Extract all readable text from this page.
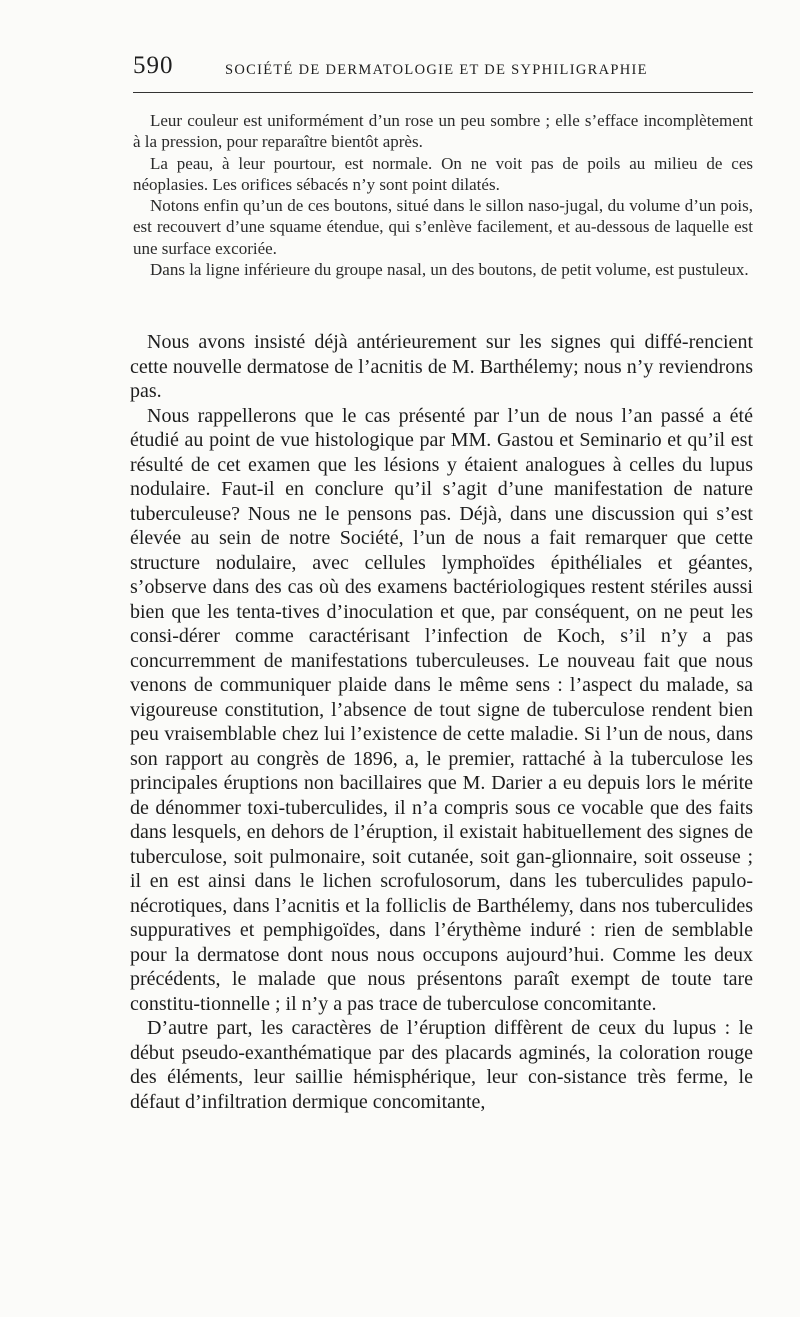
590	SOCIÉTÉ DE DERMATOLOGIE ET DE SYPHILIGRAPHIE

Leur couleur est uniformément d’un rose un peu sombre ; elle s’efface incomplètement à la pression, pour reparaître bientôt après.

La peau, à leur pourtour, est normale. On ne voit pas de poils au milieu de ces néoplasies. Les orifices sébacés n’y sont point dilatés.

Notons enfin qu’un de ces boutons, situé dans le sillon naso-jugal, du volume d’un pois, est recouvert d’une squame étendue, qui s’enlève facilement, et au-dessous de laquelle est une surface excoriée.

Dans la ligne inférieure du groupe nasal, un des boutons, de petit volume, est pustuleux.

Nous avons insisté déjà antérieurement sur les signes qui diffé-rencient cette nouvelle dermatose de l’acnitis de M. Barthélemy; nous n’y reviendrons pas.

Nous rappellerons que le cas présenté par l’un de nous l’an passé a été étudié au point de vue histologique par MM. Gastou et Seminario et qu’il est résulté de cet examen que les lésions y étaient analogues à celles du lupus nodulaire. Faut-il en conclure qu’il s’agit d’une manifestation de nature tuberculeuse? Nous ne le pensons pas. Déjà, dans une discussion qui s’est élevée au sein de notre Société, l’un de nous a fait remarquer que cette structure nodulaire, avec cellules lymphoïdes épithéliales et géantes, s’observe dans des cas où des examens bactériologiques restent stériles aussi bien que les tenta-tives d’inoculation et que, par conséquent, on ne peut les consi-dérer comme caractérisant l’infection de Koch, s’il n’y a pas concurremment de manifestations tuberculeuses. Le nouveau fait que nous venons de communiquer plaide dans le même sens : l’aspect du malade, sa vigoureuse constitution, l’absence de tout signe de tuberculose rendent bien peu vraisemblable chez lui l’existence de cette maladie. Si l’un de nous, dans son rapport au congrès de 1896, a, le premier, rattaché à la tuberculose les principales éruptions non bacillaires que M. Darier a eu depuis lors le mérite de dénommer toxi-tuberculides, il n’a compris sous ce vocable que des faits dans lesquels, en dehors de l’éruption, il existait habituellement des signes de tuberculose, soit pulmonaire, soit cutanée, soit gan-glionnaire, soit osseuse ; il en est ainsi dans le lichen scrofulosorum, dans les tuberculides papulo-nécrotiques, dans l’acnitis et la folliclis de Barthélemy, dans nos tuberculides suppuratives et pemphigoïdes, dans l’érythème induré : rien de semblable pour la dermatose dont nous nous occupons aujourd’hui. Comme les deux précédents, le malade que nous présentons paraît exempt de toute tare constitu-tionnelle ; il n’y a pas trace de tuberculose concomitante.

D’autre part, les caractères de l’éruption diffèrent de ceux du lupus : le début pseudo-exanthématique par des placards agminés, la coloration rouge des éléments, leur saillie hémisphérique, leur con-sistance très ferme, le défaut d’infiltration dermique concomitante,
